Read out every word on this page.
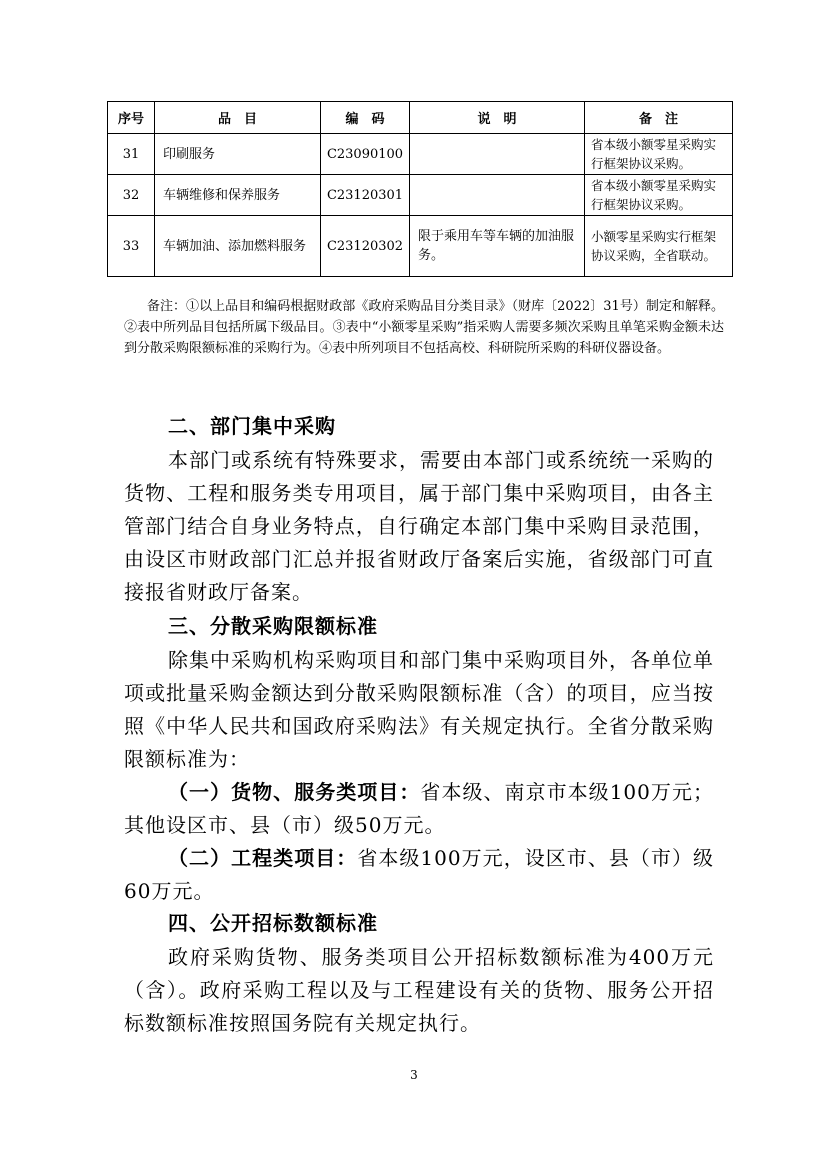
序号	品　目	编　码	说　明	备　注
31	印刷服务	C23090100		省本级小额零星采购实行框架协议采购。
32	车辆维修和保养服务	C23120301		省本级小额零星采购实行框架协议采购。
33	车辆加油、添加燃料服务	C23120302	限于乘用车等车辆的加油服务。	小额零星采购实行框架协议采购，全省联动。
备注：①以上品目和编码根据财政部《政府采购品目分类目录》（财库〔2022〕31号）制定和解释。②表中所列品目包括所属下级品目。③表中“小额零星采购”指采购人需要多频次采购且单笔采购金额未达到分散采购限额标准的采购行为。④表中所列项目不包括高校、科研院所采购的科研仪器设备。
二、部门集中采购
本部门或系统有特殊要求，需要由本部门或系统统一采购的货物、工程和服务类专用项目，属于部门集中采购项目，由各主管部门结合自身业务特点，自行确定本部门集中采购目录范围，由设区市财政部门汇总并报省财政厅备案后实施，省级部门可直接报省财政厅备案。
三、分散采购限额标准
除集中采购机构采购项目和部门集中采购项目外，各单位单项或批量采购金额达到分散采购限额标准（含）的项目，应当按照《中华人民共和国政府采购法》有关规定执行。全省分散采购限额标准为：
（一）货物、服务类项目：省本级、南京市本级100万元；其他设区市、县（市）级50万元。
（二）工程类项目：省本级100万元，设区市、县（市）级60万元。
四、公开招标数额标准
政府采购货物、服务类项目公开招标数额标准为400万元（含）。政府采购工程以及与工程建设有关的货物、服务公开招标数额标准按照国务院有关规定执行。
3
